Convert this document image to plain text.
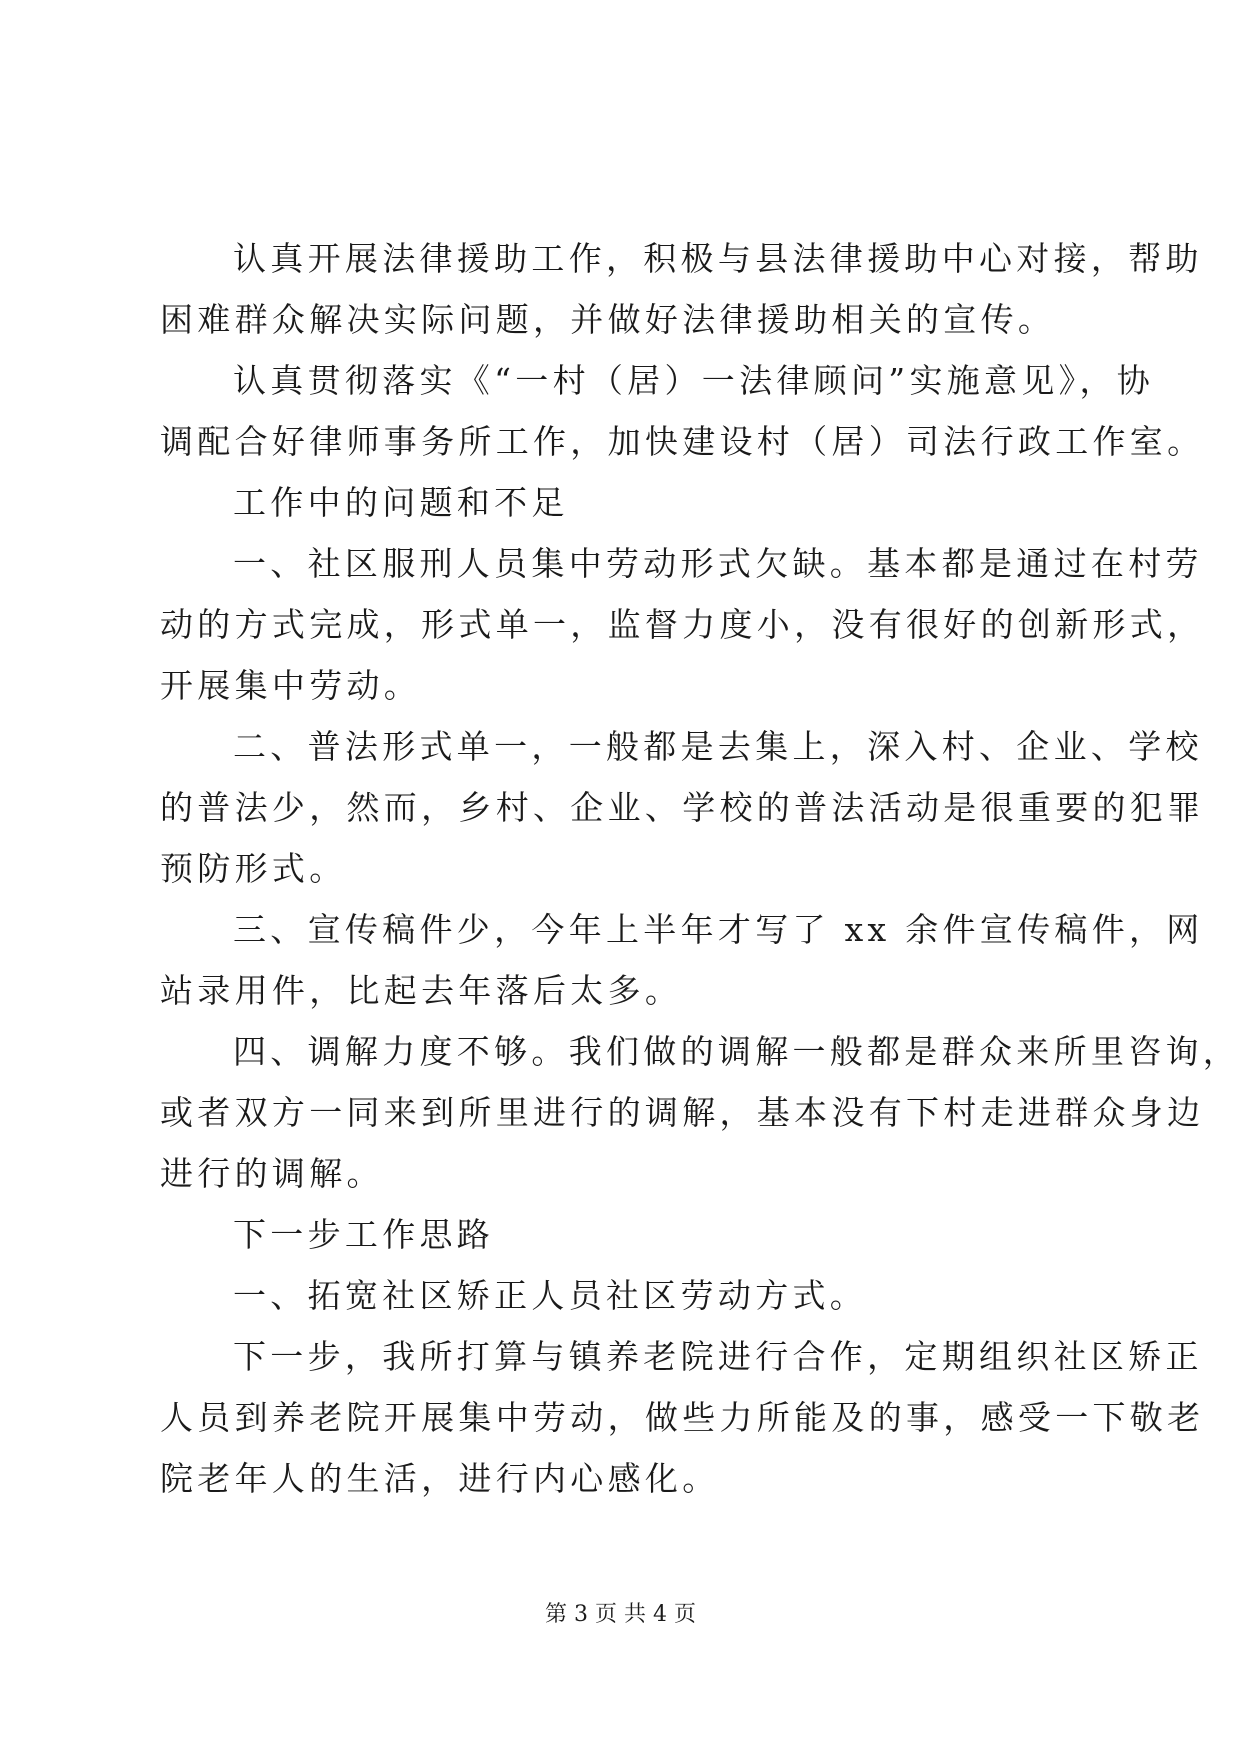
认真开展法律援助工作，积极与县法律援助中心对接，帮助
困难群众解决实际问题，并做好法律援助相关的宣传。
认真贯彻落实《“一村（居）一法律顾问”实施意见》，协
调配合好律师事务所工作，加快建设村（居）司法行政工作室。
工作中的问题和不足
一、社区服刑人员集中劳动形式欠缺。基本都是通过在村劳
动的方式完成，形式单一，监督力度小，没有很好的创新形式，
开展集中劳动。
二、普法形式单一，一般都是去集上，深入村、企业、学校
的普法少，然而，乡村、企业、学校的普法活动是很重要的犯罪
预防形式。
三、宣传稿件少，今年上半年才写了 xx 余件宣传稿件，网
站录用件，比起去年落后太多。
四、调解力度不够。我们做的调解一般都是群众来所里咨询，
或者双方一同来到所里进行的调解，基本没有下村走进群众身边
进行的调解。
下一步工作思路
一、拓宽社区矫正人员社区劳动方式。
下一步，我所打算与镇养老院进行合作，定期组织社区矫正
人员到养老院开展集中劳动，做些力所能及的事，感受一下敬老
院老年人的生活，进行内心感化。
第 3 页 共 4 页
